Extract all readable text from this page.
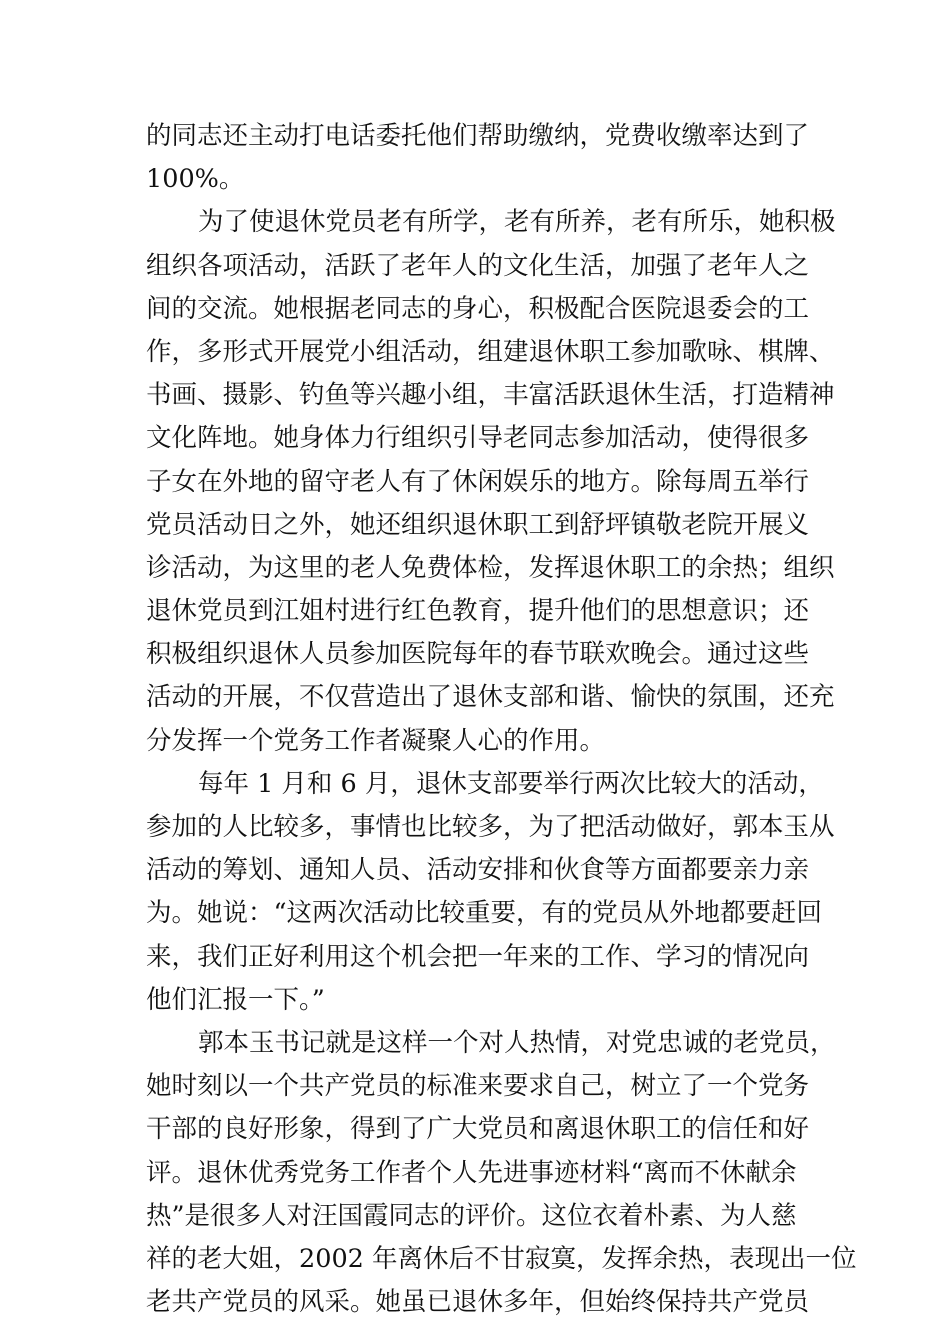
的同志还主动打电话委托他们帮助缴纳，党费收缴率达到了
100%。
为了使退休党员老有所学，老有所养，老有所乐，她积极
组织各项活动，活跃了老年人的文化生活，加强了老年人之
间的交流。她根据老同志的身心，积极配合医院退委会的工
作，多形式开展党小组活动，组建退休职工参加歌咏、棋牌、
书画、摄影、钓鱼等兴趣小组，丰富活跃退休生活，打造精神
文化阵地。她身体力行组织引导老同志参加活动，使得很多
子女在外地的留守老人有了休闲娱乐的地方。除每周五举行
党员活动日之外，她还组织退休职工到舒坪镇敬老院开展义
诊活动，为这里的老人免费体检，发挥退休职工的余热；组织
退休党员到江姐村进行红色教育，提升他们的思想意识；还
积极组织退休人员参加医院每年的春节联欢晚会。通过这些
活动的开展，不仅营造出了退休支部和谐、愉快的氛围，还充
分发挥一个党务工作者凝聚人心的作用。
每年 1 月和 6 月，退休支部要举行两次比较大的活动，
参加的人比较多，事情也比较多，为了把活动做好，郭本玉从
活动的筹划、通知人员、活动安排和伙食等方面都要亲力亲
为。她说：“这两次活动比较重要，有的党员从外地都要赶回
来，我们正好利用这个机会把一年来的工作、学习的情况向
他们汇报一下。”
郭本玉书记就是这样一个对人热情，对党忠诚的老党员，
她时刻以一个共产党员的标准来要求自己，树立了一个党务
干部的良好形象，得到了广大党员和离退休职工的信任和好
评。退休优秀党务工作者个人先进事迹材料“离而不休献余
热”是很多人对汪国霞同志的评价。这位衣着朴素、为人慈
祥的老大姐，2002 年离休后不甘寂寞，发挥余热，表现出一位
老共产党员的风采。她虽已退休多年，但始终保持共产党员
